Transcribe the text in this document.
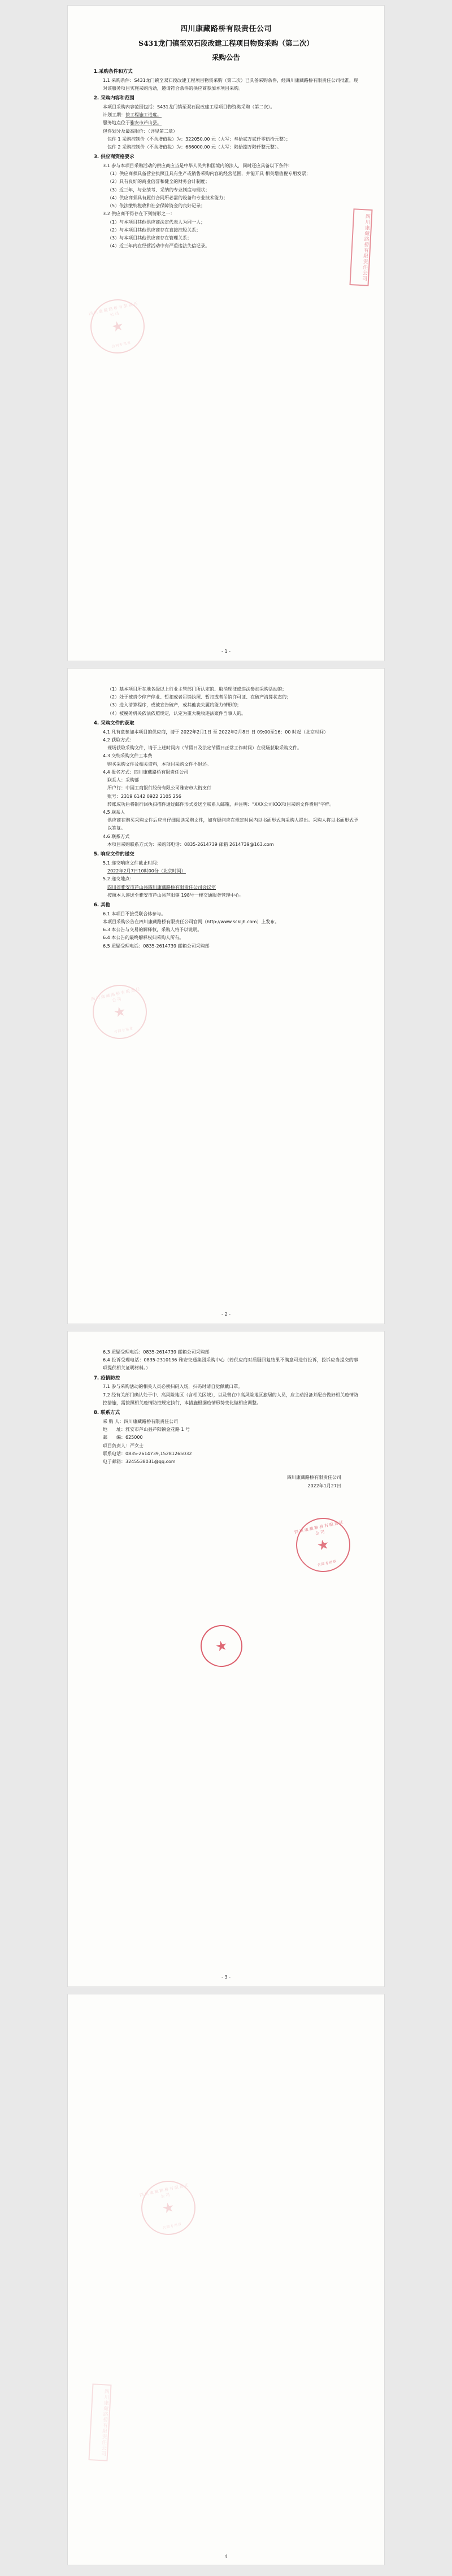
四川康藏路桥有限责任公司
S431龙门镇至双石段改建工程项目物资采购（第二次）
采购公告
1.采购条件和方式

1.1 采购条件：S431龙门镇至双石段改建工程项目物资采购（第二次）已具备采购条件，经四川康藏路桥有限责任公司批准，现对该服务项目实施采购活动，邀请符合条件的供应商参加本项目采购。

2. 采购内容和范围

本项目采购内容范围包括：S431龙门镇至双石段改建工程项目物资类采购（第二次）。

计划工期：按工程施工进度。

服务地点位于雅安市芦山县。

包件划分及最高限价：（详见第二章）

包件 1 采购控制价（不含增值税）为：322050.00 元（大写：叁拾贰万贰仟零伍拾元整）；

包件 2 采购控制价（不含增值税）为：686000.00 元（大写：陆拾捌万陆仟整元整）。

3. 供应商资格要求

3.1 参与本项目采购活动的供应商应当是中华人民共和国境内的法人，同时还应具备以下条件：

（1）供应商须具备营业执照且具有生产或销售采购内容的经营范围，并能开具 相关增值税专用发票；

（2）具有良好的商业信誉和健全的财务会计制度；

（3）近三年，与业绩考、采纳的专业制度与现状；

（4）供应商须具有履行合同所必需的设备和专业技术能力；

（5）依法缴纳税收和社会保障资金的良好记录；

3.2 供应商不得存在下列情形之一：

（1）与本项目其他供应商法定代表人为同一人；

（2）与本项目其他供应商存在直接控股关系；

（3）与本项目其他供应商存在管理关系；

（4）近三年内在经营活动中有严重违法失信记录。	四川康藏路桥有限责任公司
四川康藏路桥有限责任公司
★
合同专用章
- 1 -

（1）基本项目所在地各级以上行业主管部门所认定的、取消现征或违法参加采购活动的；

（2）处于被责令停产停业、暂扣或者吊销执照、暂扣或者吊销许可证、在破产清算状态的；

（3）进入清算程序，或被宣告破产，或其他丧失履约能力情形的；

（4）被税务机关依法依照规定，认定为重大税收违法案件当事人的。

4. 采购文件的获取

4.1 凡有意参加本项目的供应商，请于 2022年2月1日 至 2022年2月8日 日 09:00至16：00 时起（北京时间）

4.2 获取方式：

现场获取采购文件，请于上述时间内（节假日及法定节假日正常工作时间）在现场获取采购文件。

4.3 交纳采购文件工本费

购买采购文件及相关资料，本项目采购文件不退还。

4.4 报名方式：四川康藏路桥有限责任公司

联系人：采购部

所户行：中国工商银行股份有限公司雅安市大街支行

账号：2319 6142 0922 2105 256

转账成功后将银行回执扫描件通过邮件形式发送至联系人邮箱，并注明：“XXX公司XXX项目采购文件费用”字样。

4.5 联系人

供应商在购买采购文件后应当仔细阅读采购文件，如有疑问应在规定时间内以书面形式向采购人提出。采购人将以书面形式予以答复。

4.6 联系方式

本项目采购联系方式为：采购部电话：0835-2614739 邮箱 2614739@163.com

5. 响应文件的递交

5.1 递交响应文件截止时间：

2022年2月7日10时00分（北京时间）

5.2 递交地点：

四川省雅安市芦山县四川康藏路桥有限责任公司会议室

按照本人递送至雅安市芦山县芦阳镇 198号一楼交通服务管理中心。

6. 其他

6.1 本项目不接受联合体参与。

本项目采购公告在四川康藏路桥有限责任公司官网（http://www.sckljh.com）上发布。

6.3 本公告与交易的解释权，采购人将予以说明。

6.4 本公告的最终解释权归采购人所有。

6.5 质疑受理电话：0835-2614739 邮箱公司采购部

四川康藏路桥有限责任公司
★
合同专用章
- 2 -

6.3 质疑受理电话：0835-2614739 邮箱公司采购部

6.4 投诉受理电话：0835-2310136 雅安交通集团采购中心（若供应商对质疑回复结果不满意可进行投诉，投诉应当提交的事项提供相关证明材料。）

7. 疫情防控

7.1 参与采购活动的相关人员必须扫码入场，扫码时请自觉佩戴口罩。

7.2 经有关部门确认处于中、高风险地区（含相关区域），以及曾在中高风险地区旅居的人员，应主动报备并配合做好相关疫情防控措施，需按照相关疫情防控规定执行，本措施根据疫情形势变化做相应调整。

8. 联系方式

采 购 人：四川康藏路桥有限责任公司

地　　址：雅安市芦山县芦阳镇金花路 1 号

邮　　编：625000

项目负责人：严女士

联系电话：0835-2614739,15281265032

电子邮箱：3245538031@qq.com

四川康藏路桥有限责任公司
2022年1月27日
四川康藏路桥有限责任公司
★
合同专用章
★
- 3 -
四川康藏路桥有限责任公司
★
合同专用章
四川康藏路桥有限责任公司
4
